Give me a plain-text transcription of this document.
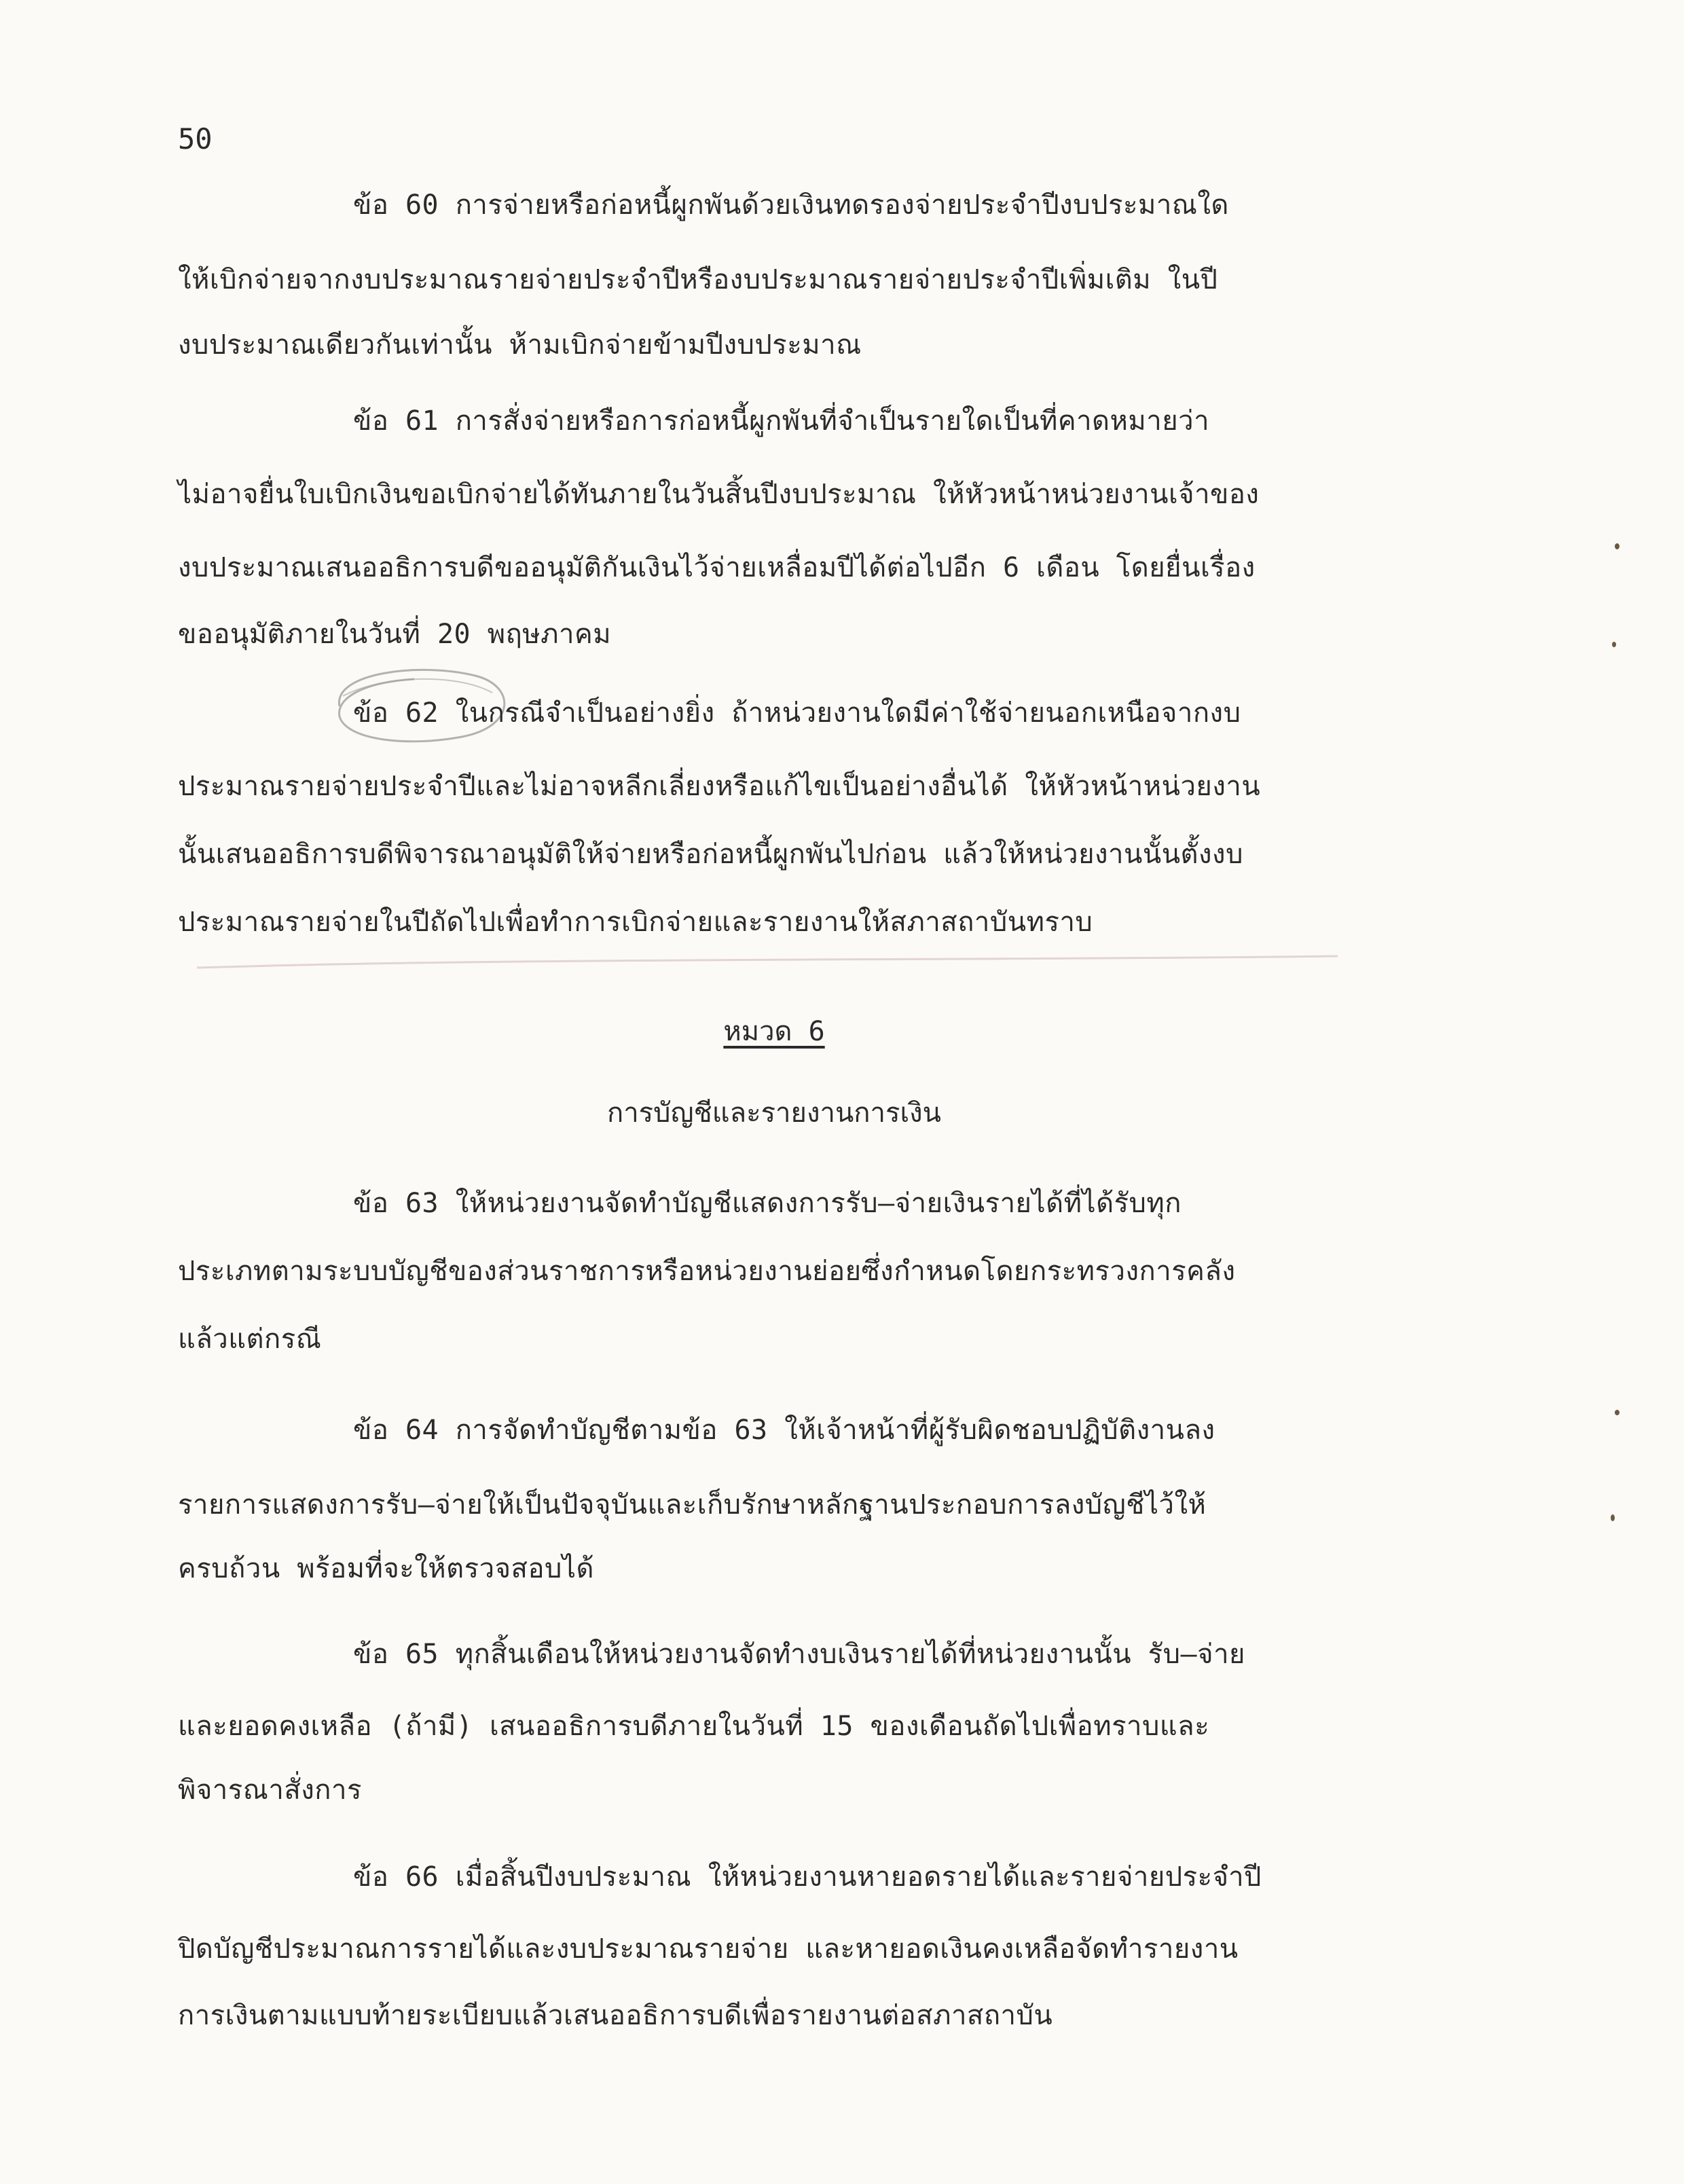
50
ข้อ 60 การจ่ายหรือก่อหนี้ผูกพันด้วยเงินทดรองจ่ายประจำปีงบประมาณใด
ให้เบิกจ่ายจากงบประมาณรายจ่ายประจำปีหรืองบประมาณรายจ่ายประจำปีเพิ่มเติม ในปี
งบประมาณเดียวกันเท่านั้น ห้ามเบิกจ่ายข้ามปีงบประมาณ
ข้อ 61 การสั่งจ่ายหรือการก่อหนี้ผูกพันที่จำเป็นรายใดเป็นที่คาดหมายว่า
ไม่อาจยื่นใบเบิกเงินขอเบิกจ่ายได้ทันภายในวันสิ้นปีงบประมาณ ให้หัวหน้าหน่วยงานเจ้าของ
งบประมาณเสนออธิการบดีขออนุมัติกันเงินไว้จ่ายเหลื่อมปีได้ต่อไปอีก 6 เดือน โดยยื่นเรื่อง
ขออนุมัติภายในวันที่ 20 พฤษภาคม
ข้อ 62 ในกรณีจำเป็นอย่างยิ่ง ถ้าหน่วยงานใดมีค่าใช้จ่ายนอกเหนือจากงบ
ประมาณรายจ่ายประจำปีและไม่อาจหลีกเลี่ยงหรือแก้ไขเป็นอย่างอื่นได้ ให้หัวหน้าหน่วยงาน
นั้นเสนออธิการบดีพิจารณาอนุมัติให้จ่ายหรือก่อหนี้ผูกพันไปก่อน แล้วให้หน่วยงานนั้นตั้งงบ
ประมาณรายจ่ายในปีถัดไปเพื่อทำการเบิกจ่ายและรายงานให้สภาสถาบันทราบ
หมวด 6
การบัญชีและรายงานการเงิน
ข้อ 63 ให้หน่วยงานจัดทำบัญชีแสดงการรับ–จ่ายเงินรายได้ที่ได้รับทุก
ประเภทตามระบบบัญชีของส่วนราชการหรือหน่วยงานย่อยซึ่งกำหนดโดยกระทรวงการคลัง
แล้วแต่กรณี
ข้อ 64 การจัดทำบัญชีตามข้อ 63 ให้เจ้าหน้าที่ผู้รับผิดชอบปฏิบัติงานลง
รายการแสดงการรับ–จ่ายให้เป็นปัจจุบันและเก็บรักษาหลักฐานประกอบการลงบัญชีไว้ให้
ครบถ้วน พร้อมที่จะให้ตรวจสอบได้
ข้อ 65 ทุกสิ้นเดือนให้หน่วยงานจัดทำงบเงินรายได้ที่หน่วยงานนั้น รับ–จ่าย
และยอดคงเหลือ (ถ้ามี) เสนออธิการบดีภายในวันที่ 15 ของเดือนถัดไปเพื่อทราบและ
พิจารณาสั่งการ
ข้อ 66 เมื่อสิ้นปีงบประมาณ ให้หน่วยงานหายอดรายได้และรายจ่ายประจำปี
ปิดบัญชีประมาณการรายได้และงบประมาณรายจ่าย และหายอดเงินคงเหลือจัดทำรายงาน
การเงินตามแบบท้ายระเบียบแล้วเสนออธิการบดีเพื่อรายงานต่อสภาสถาบัน
